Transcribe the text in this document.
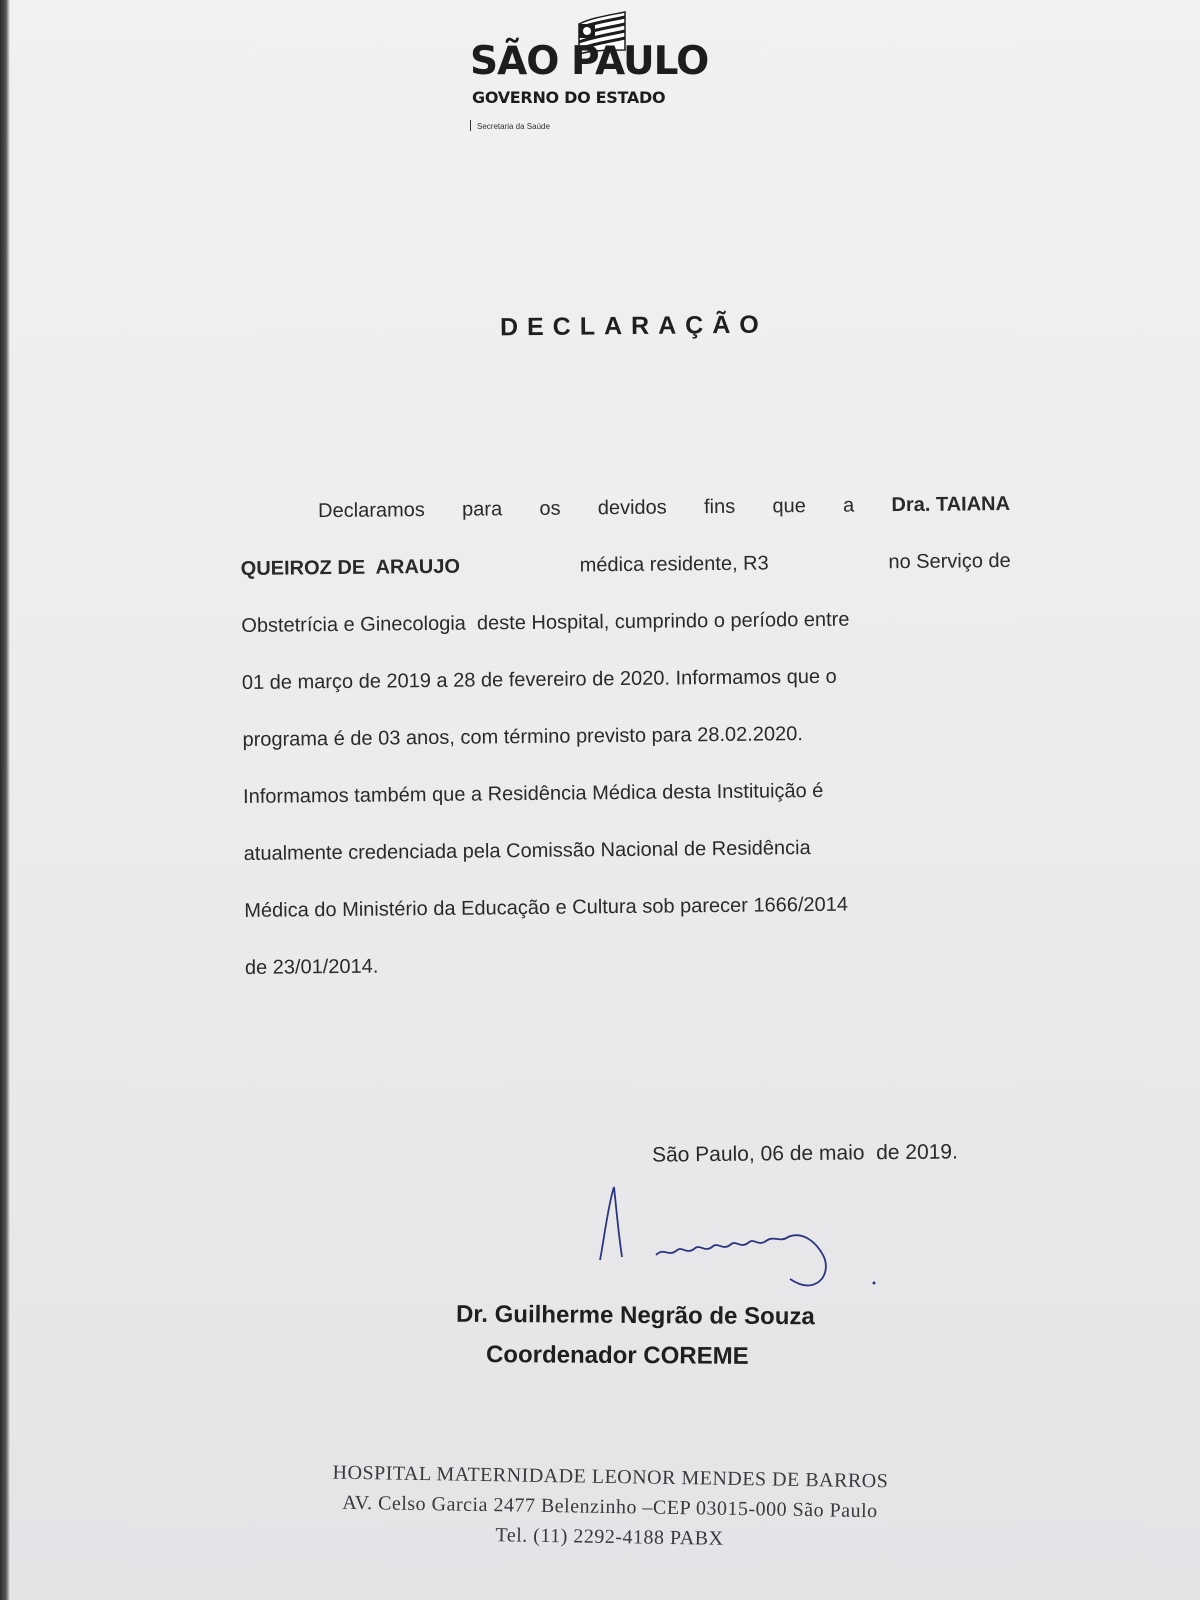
SÃO PAULO
GOVERNO DO ESTADO
Secretaria da Saúde
DECLARAÇÃO
Declaramos para os devidos fins que a Dra. TAIANA
QUEIROZ DE  ARAUJO	médica residente, R3	no Serviço de
Obstetrícia e Ginecologia  deste Hospital, cumprindo o período entre
01 de março de 2019 a 28 de fevereiro de 2020. Informamos que o
programa é de 03 anos, com término previsto para 28.02.2020.
Informamos também que a Residência Médica desta Instituição é
atualmente credenciada pela Comissão Nacional de Residência
Médica do Ministério da Educação e Cultura sob parecer 1666/2014
de 23/01/2014.
São Paulo, 06 de maio  de 2019.
Dr. Guilherme Negrão de Souza
Coordenador COREME
HOSPITAL MATERNIDADE LEONOR MENDES DE BARROS
AV. Celso Garcia 2477 Belenzinho –CEP 03015-000 São Paulo
Tel. (11) 2292-4188 PABX
